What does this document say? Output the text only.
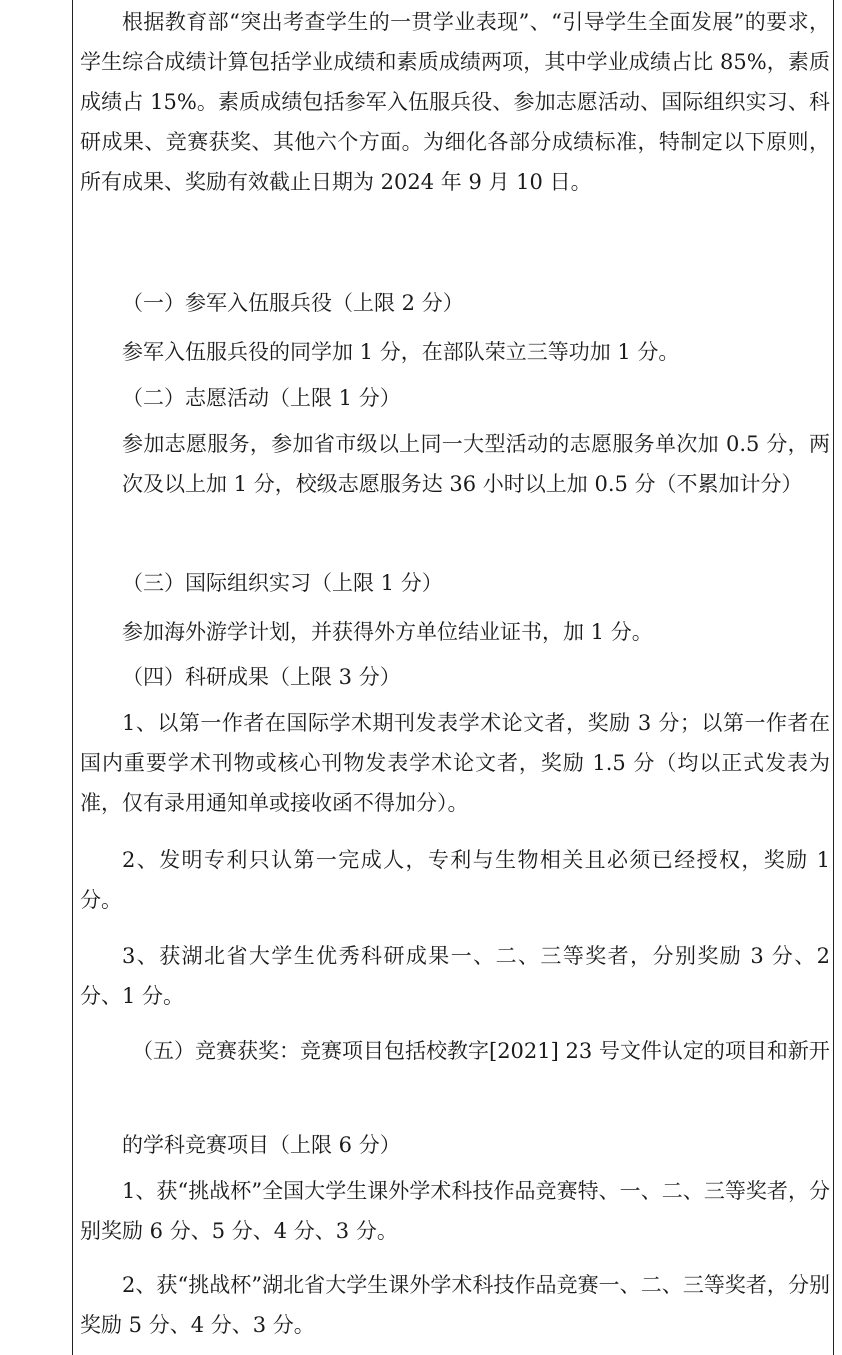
根据教育部“突出考查学生的一贯学业表现”、“引导学生全面发展”的要求，学生综合成绩计算包括学业成绩和素质成绩两项，其中学业成绩占比 85%，素质成绩占 15%。素质成绩包括参军入伍服兵役、参加志愿活动、国际组织实习、科研成果、竞赛获奖、其他六个方面。为细化各部分成绩标准，特制定以下原则，所有成果、奖励有效截止日期为 2024 年 9 月 10 日。
（一）参军入伍服兵役（上限 2 分）
参军入伍服兵役的同学加 1 分，在部队荣立三等功加 1 分。
（二）志愿活动（上限 1 分）
参加志愿服务，参加省市级以上同一大型活动的志愿服务单次加 0.5 分，两次及以上加 1 分，校级志愿服务达 36 小时以上加 0.5 分（不累加计分）
（三）国际组织实习（上限 1 分）
参加海外游学计划，并获得外方单位结业证书，加 1 分。
（四）科研成果（上限 3 分）
1、以第一作者在国际学术期刊发表学术论文者，奖励 3 分；以第一作者在国内重要学术刊物或核心刊物发表学术论文者，奖励 1.5 分（均以正式发表为准，仅有录用通知单或接收函不得加分）。
2、发明专利只认第一完成人，专利与生物相关且必须已经授权，奖励 1 分。
3、获湖北省大学生优秀科研成果一、二、三等奖者，分别奖励 3 分、2 分、1 分。
（五）竞赛获奖：竞赛项目包括校教字[2021] 23 号文件认定的项目和新开
的学科竞赛项目（上限 6 分）
1、获“挑战杯”全国大学生课外学术科技作品竞赛特、一、二、三等奖者，分别奖励 6 分、5 分、4 分、3 分。
2、获“挑战杯”湖北省大学生课外学术科技作品竞赛一、二、三等奖者，分别奖励 5 分、4 分、3 分。
